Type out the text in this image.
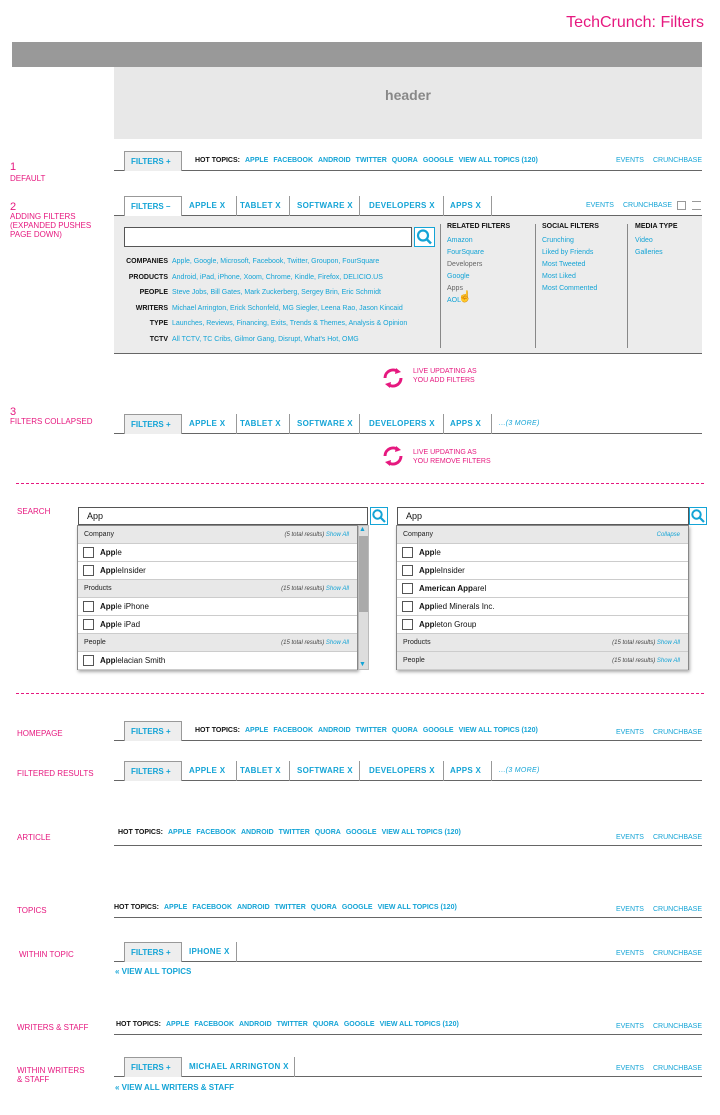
TechCrunch: Filters
header
1
DEFAULT
2
ADDING FILTERS
(EXPANDED PUSHES
PAGE DOWN)
3
FILTERS COLLAPSED
FILTERS +	HOT TOPICS: APPLE FACEBOOK ANDROID TWITTER QUORA GOOGLE VIEW ALL TOPICS (120)	EVENTS CRUNCHBASE
FILTERS –	APPLE X TABLET X SOFTWARE X DEVELOPERS X APPS X	EVENTS CRUNCHBASE
COMPANIES Apple, Google, Microsoft, Facebook, Twitter, Groupon, FourSquare
PRODUCTS Android, iPad, iPhone, Xoom, Chrome, Kindle, Firefox, DELICIO.US
PEOPLE Steve Jobs, Bill Gates, Mark Zuckerberg, Sergey Brin, Eric Schmidt
WRITERS Michael Arrington, Erick Schonfeld, MG Siegler, Leena Rao, Jason Kincaid
TYPE Launches, Reviews, Financing, Exits, Trends & Themes, Analysis & Opinion
TCTV All TCTV, TC Cribs, Gilmor Gang, Disrupt, What's Hot, OMG
RELATED FILTERS
Amazon
FourSquare
Developers
Google
Apps
AOL
☝
SOCIAL FILTERS
Crunching
Liked by Friends
Most Tweeted
Most Liked
Most Commented
MEDIA TYPE
Video
Galleries
LIVE UPDATING AS
YOU ADD FILTERS
FILTERS +	APPLE X TABLET X SOFTWARE X DEVELOPERS X APPS X	...(3 MORE)
LIVE UPDATING AS
YOU REMOVE FILTERS
SEARCH	App
Company	(5 total results) Show All
Apple
AppleInsider
Products	(15 total results) Show All
Apple iPhone
Apple iPad
People	(15 total results) Show All
Applelacian Smith
▲
▼
App
Company	Collapse
Apple
AppleInsider
American Apparel
Applied Minerals Inc.
Appleton Group
Products	(15 total results) Show All
People	(15 total results) Show All
HOMEPAGE	FILTERS +	HOT TOPICS: APPLE FACEBOOK ANDROID TWITTER QUORA GOOGLE VIEW ALL TOPICS (120)	EVENTS CRUNCHBASE
FILTERED RESULTS	FILTERS +	APPLE X TABLET X SOFTWARE X DEVELOPERS X APPS X	...(3 MORE)
ARTICLE
HOT TOPICS: APPLE FACEBOOK ANDROID TWITTER QUORA GOOGLE VIEW ALL TOPICS (120)
EVENTS CRUNCHBASE
TOPICS	HOT TOPICS: APPLE FACEBOOK ANDROID TWITTER QUORA GOOGLE VIEW ALL TOPICS (120)	EVENTS CRUNCHBASE
WITHIN TOPIC	FILTERS +	IPHONE X	EVENTS CRUNCHBASE
« VIEW ALL TOPICS
WRITERS & STAFF	HOT TOPICS: APPLE FACEBOOK ANDROID TWITTER QUORA GOOGLE VIEW ALL TOPICS (120)	EVENTS CRUNCHBASE
WITHIN WRITERS
& STAFF
FILTERS +	MICHAEL ARRINGTON X	EVENTS CRUNCHBASE
« VIEW ALL WRITERS & STAFF
